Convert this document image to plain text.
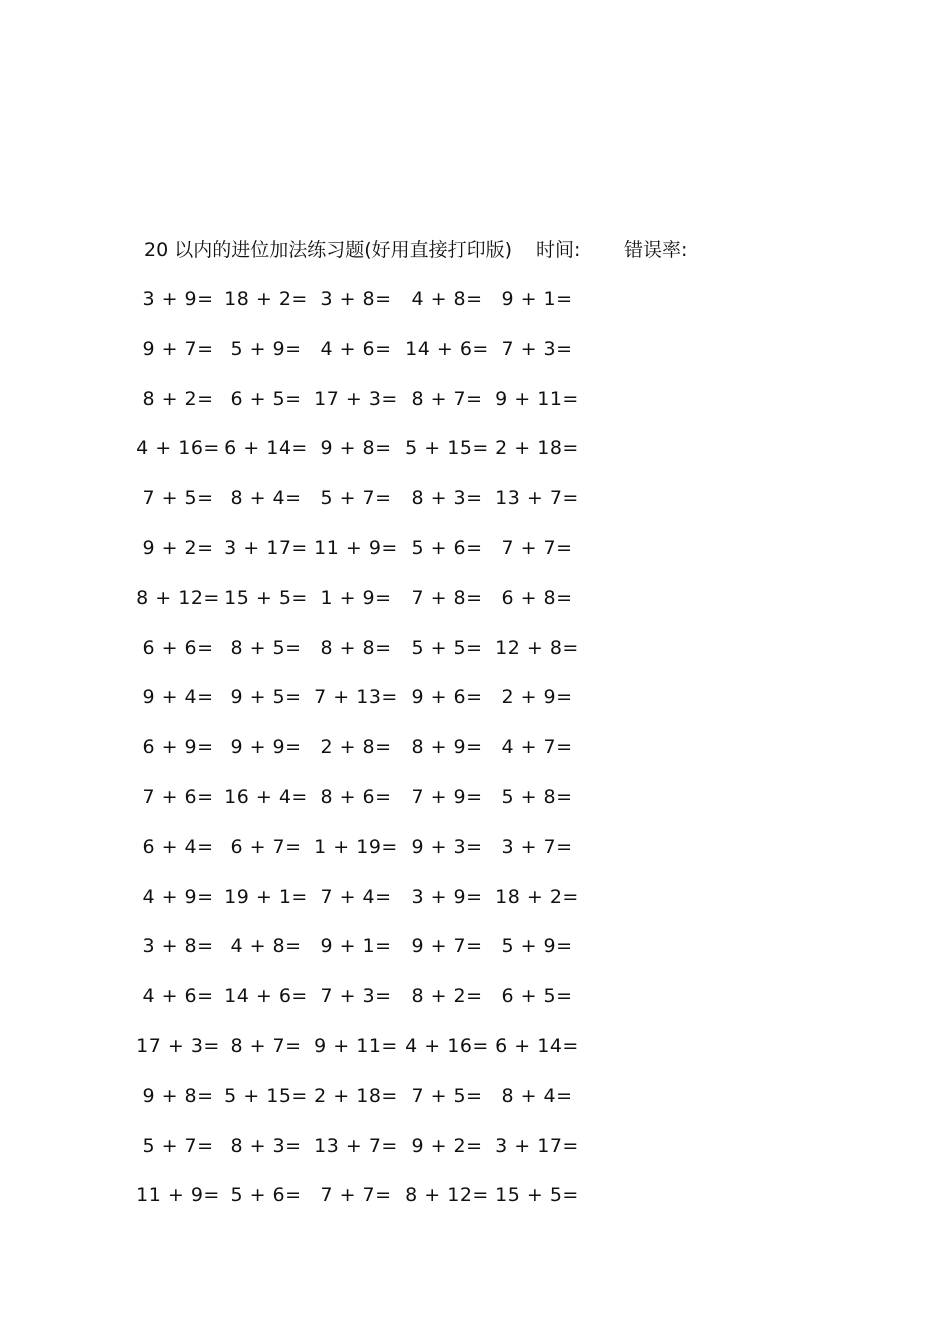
20 以内的进位加法练习题(好用直接打印版) 时间: 错误率:
3 + 9= 18 + 2= 3 + 8=	4 + 8= 9 + 1=
9 + 7= 5 + 9= 4 + 6= 14 + 6= 7 + 3=
8 + 2= 6 + 5= 17 + 3= 8 + 7= 9 + 11=
4 + 16= 6 + 14= 9 + 8= 5 + 15= 2 + 18=
7 + 5= 8 + 4= 5 + 7=	8 + 3= 13 + 7=
9 + 2= 3 + 17= 11 + 9= 5 + 6= 7 + 7=
8 + 12= 15 + 5= 1 + 9=	7 + 8= 6 + 8=
6 + 6= 8 + 5= 8 + 8=	5 + 5= 12 + 8=
9 + 4= 9 + 5= 7 + 13= 9 + 6= 2 + 9=
6 + 9= 9 + 9= 2 + 8=	8 + 9= 4 + 7=
7 + 6= 16 + 4= 8 + 6=	7 + 9= 5 + 8=
6 + 4= 6 + 7= 1 + 19= 9 + 3= 3 + 7=
4 + 9= 19 + 1= 7 + 4=	3 + 9= 18 + 2=
3 + 8= 4 + 8= 9 + 1=	9 + 7= 5 + 9=
4 + 6= 14 + 6= 7 + 3=	8 + 2= 6 + 5=
17 + 3= 8 + 7= 9 + 11= 4 + 16= 6 + 14=
9 + 8= 5 + 15= 2 + 18= 7 + 5= 8 + 4=
5 + 7= 8 + 3= 13 + 7= 9 + 2= 3 + 17=
11 + 9= 5 + 6= 7 + 7= 8 + 12= 15 + 5=
